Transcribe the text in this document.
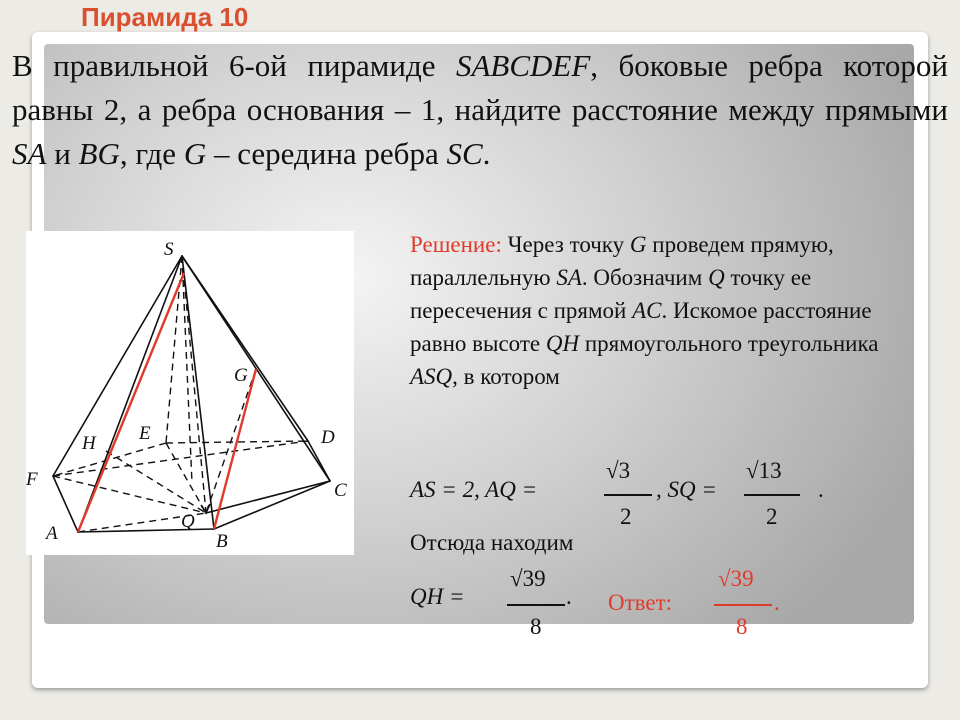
Пирамида 10
В правильной 6-ой пирамиде SABCDEF, боковые ребра которой равны 2, а ребра основания – 1, найдите расстояние между прямыми SA и BG, где G – середина ребра SC.
S
G
H E	D
F
C
Q
A	B
Решение: Через точку G проведем прямую, параллельную SA. Обозначим Q точку ее пересечения с прямой AC. Искомое расстояние равно высоте QH прямоугольного треугольника ASQ, в котором
AS = 2, AQ =
√3
2
, SQ =
√13
2
.
Отсюда находим
QH =
√39
8
. Ответ:
√39
8
.
